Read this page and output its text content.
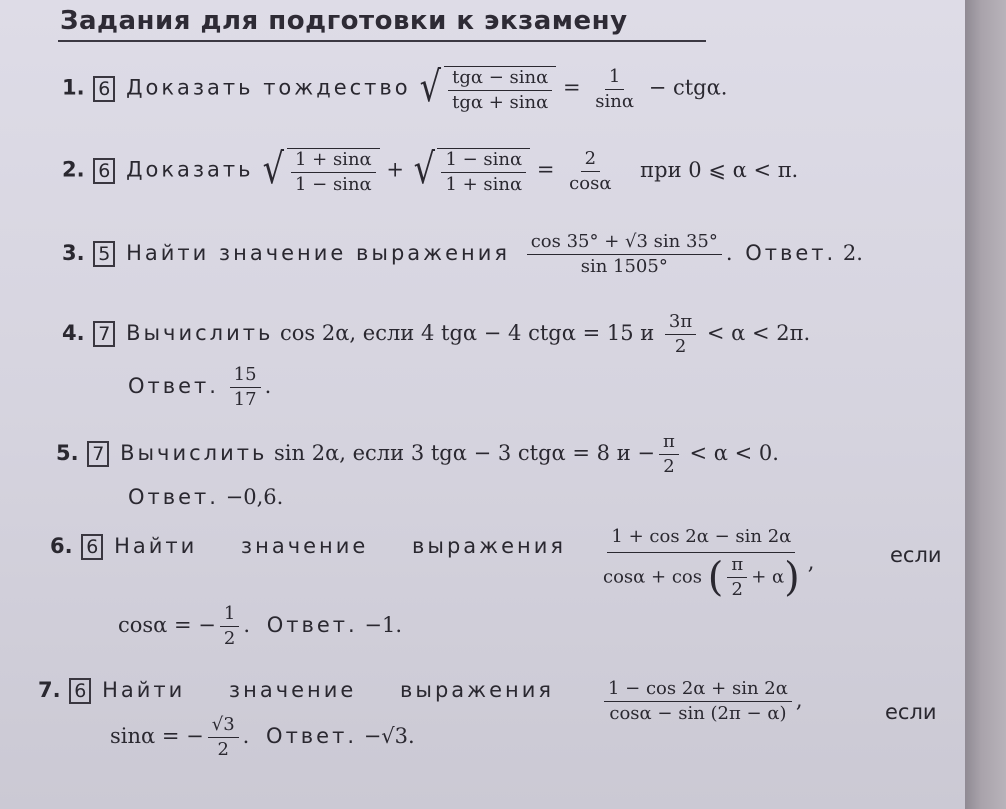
Задания для подготовки к экзамену
1. 6 Доказать тождество √ $\frac{\text{tgα − sinα}}{\text{tgα + sinα}} = \frac{1}{\sin\alpha} - ctg\alpha$.
2. 6 Доказать √ $\frac{1 + \sin\alpha}{1 - \sin\alpha}$ + √ $\frac{1 - \sin\alpha}{1 + \sin\alpha} = \frac{2}{\cos\alpha}$ при 0 ⩽ α < π.
3. 5 Найти значение выражения $\frac{\cos 35^\circ + √3 \sin 35^\circ}{\sin 1505^\circ}$ . Ответ. 2.
4. 7 Вычислить cos 2α, если 4 tgα − 4 ctgα = 15 и $\frac{3\pi}{2} < \alpha < 2\pi$.
Ответ. $\frac{15}{17}$ .
5. 7 Вычислить sin 2α, если 3 tgα − 3 ctgα = 8 $и - \frac{\pi}{2} < \alpha < 0$.
Ответ. −0,6.
6. 6 Найти значение выражения $\frac{1 + \cos 2\alpha - \sin 2\alpha}{\cos\alpha + \cos ( \frac{\pi}{2} + \alpha)}$ ,	если
cosα = − $\frac{1}{2}$ . Ответ. −1.
7. 6 Найти значение выражения	$\frac{1 - \cos 2\alpha + \sin 2\alpha}{\cos\alpha - \sin (2\pi - \alpha)}$ ,	если
sinα = − $\frac{√3}{2}$ . Ответ. −√3.
